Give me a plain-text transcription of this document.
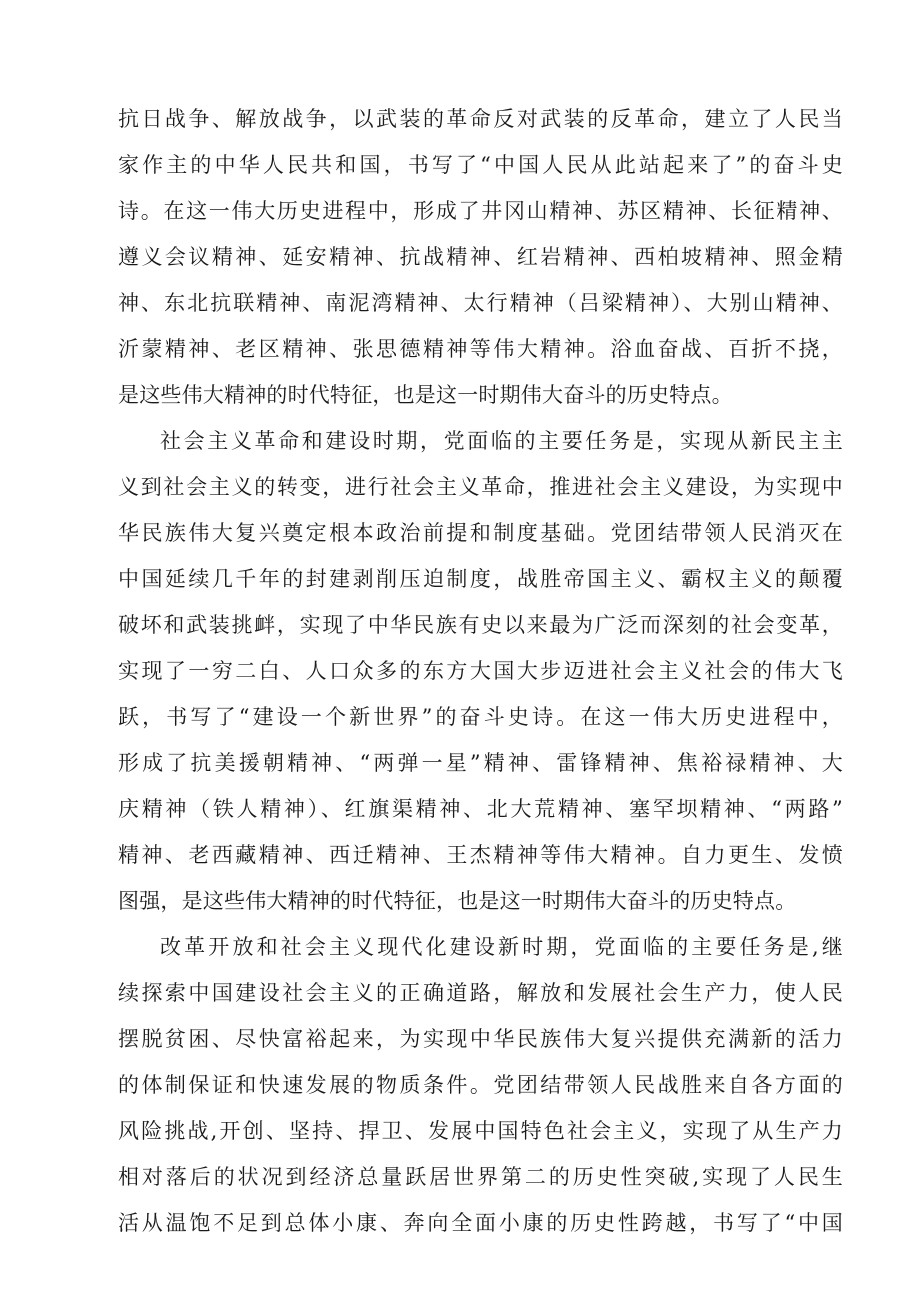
抗日战争、解放战争，以武装的革命反对武装的反革命，建立了人民当
家作主的中华人民共和国，书写了“中国人民从此站起来了”的奋斗史
诗。在这一伟大历史进程中，形成了井冈山精神、苏区精神、长征精神、
遵义会议精神、延安精神、抗战精神、红岩精神、西柏坡精神、照金精
神、东北抗联精神、南泥湾精神、太行精神（吕梁精神）、大别山精神、
沂蒙精神、老区精神、张思德精神等伟大精神。浴血奋战、百折不挠，
是这些伟大精神的时代特征，也是这一时期伟大奋斗的历史特点。
社会主义革命和建设时期，党面临的主要任务是，实现从新民主主
义到社会主义的转变，进行社会主义革命，推进社会主义建设，为实现中
华民族伟大复兴奠定根本政治前提和制度基础。党团结带领人民消灭在
中国延续几千年的封建剥削压迫制度，战胜帝国主义、霸权主义的颠覆
破坏和武装挑衅，实现了中华民族有史以来最为广泛而深刻的社会变革，
实现了一穷二白、人口众多的东方大国大步迈进社会主义社会的伟大飞
跃，书写了“建设一个新世界”的奋斗史诗。在这一伟大历史进程中，
形成了抗美援朝精神、“两弹一星”精神、雷锋精神、焦裕禄精神、大
庆精神（铁人精神）、红旗渠精神、北大荒精神、塞罕坝精神、“两路”
精神、老西藏精神、西迁精神、王杰精神等伟大精神。自力更生、发愤
图强，是这些伟大精神的时代特征，也是这一时期伟大奋斗的历史特点。
改革开放和社会主义现代化建设新时期，党面临的主要任务是,继
续探索中国建设社会主义的正确道路，解放和发展社会生产力，使人民
摆脱贫困、尽快富裕起来，为实现中华民族伟大复兴提供充满新的活力
的体制保证和快速发展的物质条件。党团结带领人民战胜来自各方面的
风险挑战,开创、坚持、捍卫、发展中国特色社会主义，实现了从生产力
相对落后的状况到经济总量跃居世界第二的历史性突破,实现了人民生
活从温饱不足到总体小康、奔向全面小康的历史性跨越，书写了“中国
